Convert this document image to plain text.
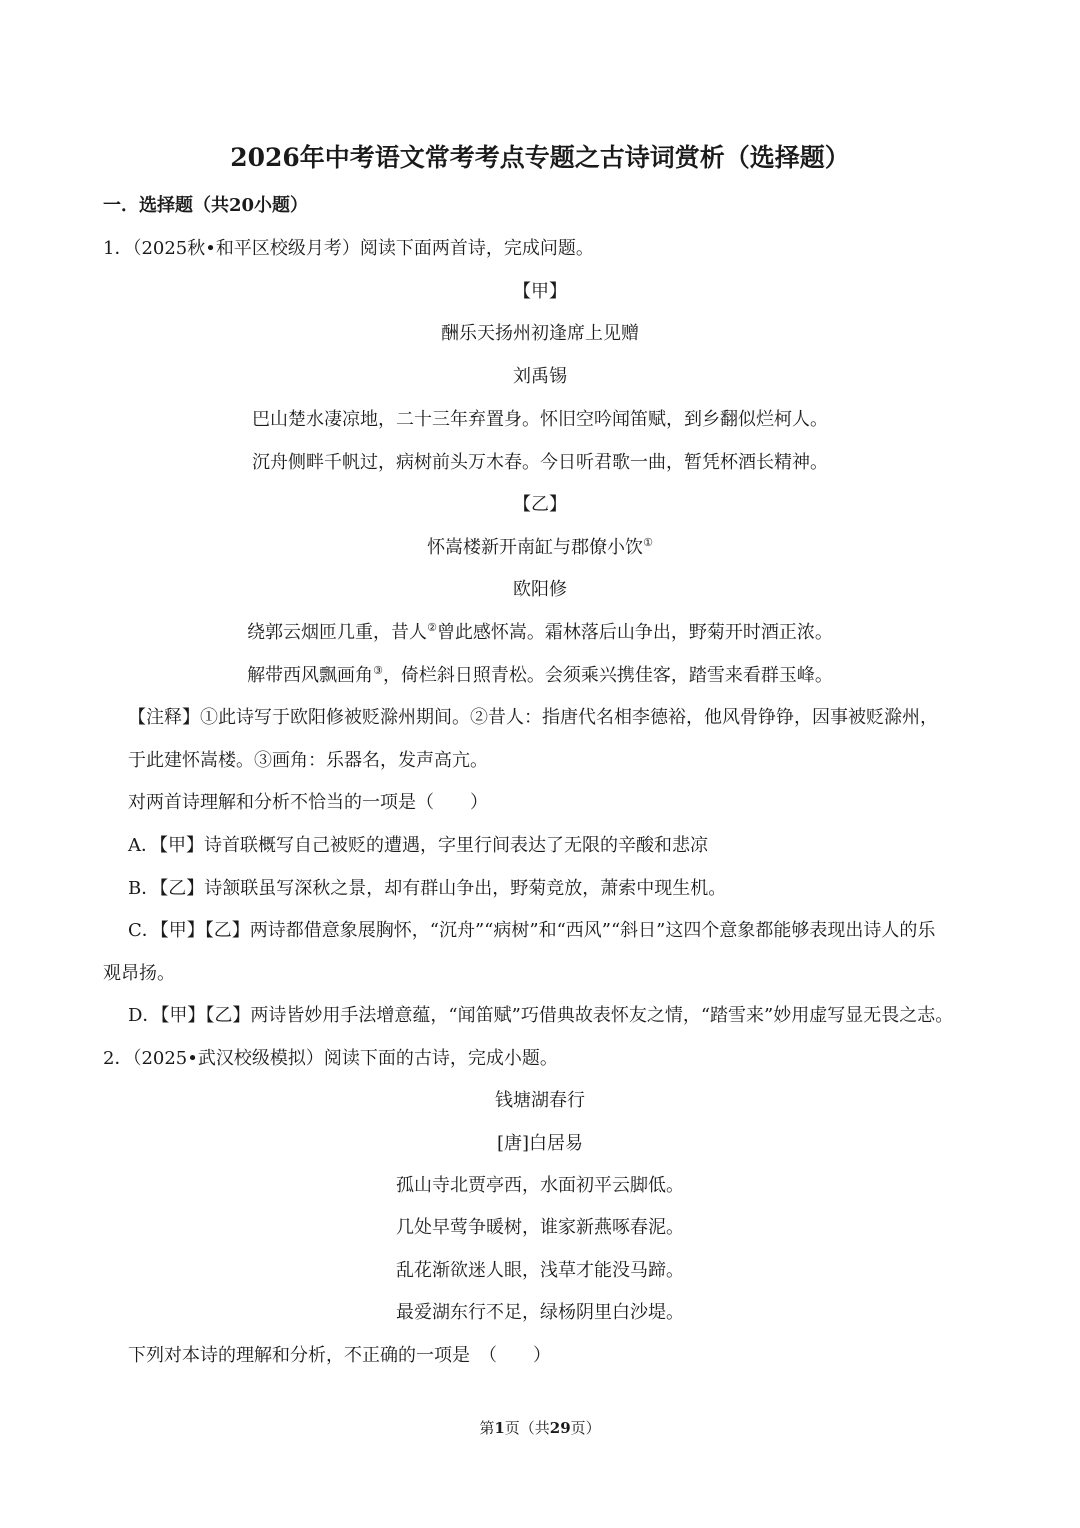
2026年中考语文常考考点专题之古诗词赏析（选择题）
一．选择题（共20小题）
1．（2025秋•和平区校级月考）阅读下面两首诗，完成问题。
【甲】
酬乐天扬州初逢席上见赠
刘禹锡
巴山楚水凄凉地，二十三年弃置身。怀旧空吟闻笛赋，到乡翻似烂柯人。
沉舟侧畔千帆过，病树前头万木春。今日听君歌一曲，暂凭杯酒长精神。
【乙】
怀嵩楼新开南缸与郡僚小饮①
欧阳修
绕郭云烟匝几重，昔人②曾此感怀嵩。霜林落后山争出，野菊开时酒正浓。
解带西风飘画角③，倚栏斜日照青松。会须乘兴携佳客，踏雪来看群玉峰。
【注释】①此诗写于欧阳修被贬滁州期间。②昔人：指唐代名相李德裕，他风骨铮铮，因事被贬滁州，
于此建怀嵩楼。③画角：乐器名，发声高亢。
对两首诗理解和分析不恰当的一项是（　　）
A．【甲】诗首联概写自己被贬的遭遇，字里行间表达了无限的辛酸和悲凉
B．【乙】诗颔联虽写深秋之景，却有群山争出，野菊竞放，萧索中现生机。
C．【甲】【乙】两诗都借意象展胸怀，“沉舟”“病树”和“西风”“斜日”这四个意象都能够表现出诗人的乐
观昂扬。
D．【甲】【乙】两诗皆妙用手法增意蕴，“闻笛赋”巧借典故表怀友之情，“踏雪来”妙用虚写显无畏之志。
2．（2025•武汉校级模拟）阅读下面的古诗，完成小题。
钱塘湖春行
[唐]白居易
孤山寺北贾亭西，水面初平云脚低。
几处早莺争暖树，谁家新燕啄春泥。
乱花渐欲迷人眼，浅草才能没马蹄。
最爱湖东行不足，绿杨阴里白沙堤。
下列对本诗的理解和分析，不正确的一项是　（　　）
第1页（共29页）
